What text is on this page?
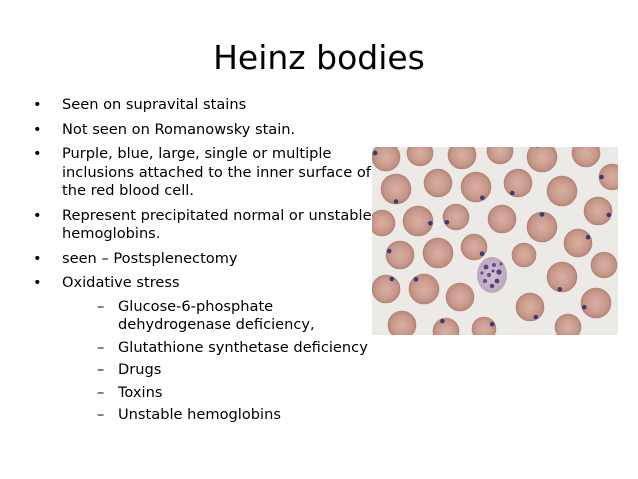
Heinz bodies
•	Seen on supravital stains
•	Not seen on Romanowsky stain.
•	Purple, blue, large, single or multiple inclusions attached to the inner surface of the red blood cell.
•	Represent precipitated normal or unstable hemoglobins.
•	seen – Postsplenectomy
•	Oxidative stress
– Glucose-6-phosphate dehydrogenase deficiency,
– Glutathione synthetase deficiency
– Drugs
– Toxins
– Unstable hemoglobins
